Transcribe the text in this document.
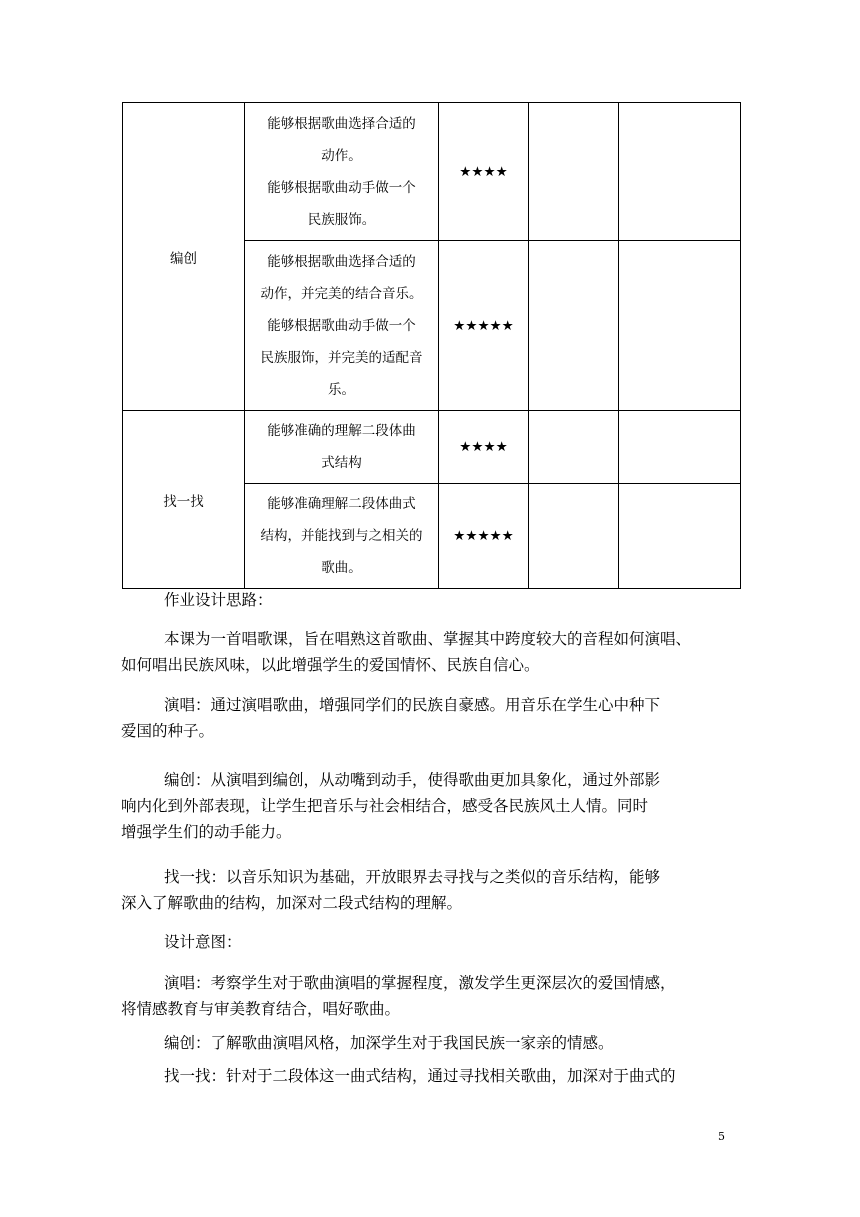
编创	能够根据歌曲选择合适的
动作。
能够根据歌曲动手做一个
民族服饰。	★★★★		

	能够根据歌曲选择合适的
动作，并完美的结合音乐。
能够根据歌曲动手做一个
民族服饰，并完美的适配音
乐。	★★★★★		
找一找	能够准确的理解二段体曲
式结构	★★★★		

	能够准确理解二段体曲式
结构，并能找到与之相关的
歌曲。	★★★★★		

作业设计思路：

本课为一首唱歌课，旨在唱熟这首歌曲、掌握其中跨度较大的音程如何演唱、

如何唱出民族风味，以此增强学生的爱国情怀、民族自信心。

演唱：通过演唱歌曲，增强同学们的民族自豪感。用音乐在学生心中种下

爱国的种子。

编创：从演唱到编创，从动嘴到动手，使得歌曲更加具象化，通过外部影

响内化到外部表现，让学生把音乐与社会相结合，感受各民族风土人情。同时

增强学生们的动手能力。

找一找：以音乐知识为基础，开放眼界去寻找与之类似的音乐结构，能够

深入了解歌曲的结构，加深对二段式结构的理解。

设计意图：

演唱：考察学生对于歌曲演唱的掌握程度，激发学生更深层次的爱国情感，

将情感教育与审美教育结合，唱好歌曲。

编创：了解歌曲演唱风格，加深学生对于我国民族一家亲的情感。

找一找：针对于二段体这一曲式结构，通过寻找相关歌曲，加深对于曲式的

5
